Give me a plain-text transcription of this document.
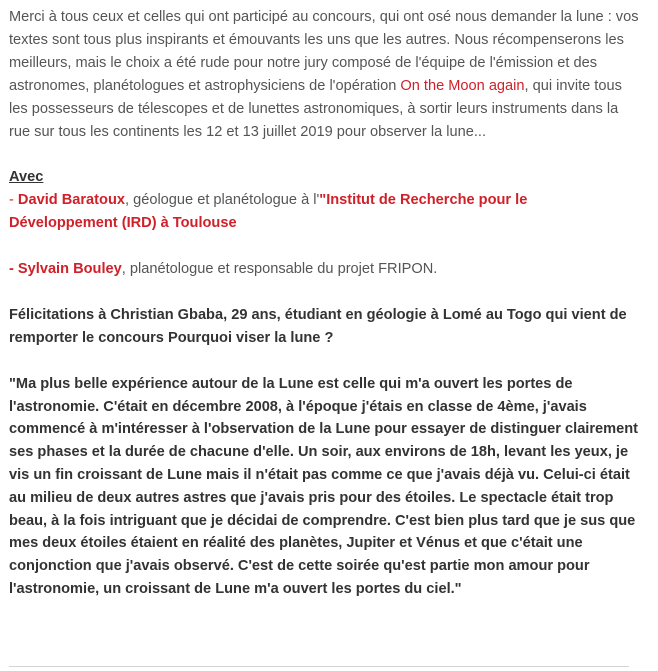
Merci à tous ceux et celles qui ont participé au concours, qui ont osé nous demander la lune : vos textes sont tous plus inspirants et émouvants les uns que les autres. Nous récompenserons les meilleurs, mais le choix a été rude pour notre jury composé de l'équipe de l'émission et des astronomes, planétologues et astrophysiciens de l'opération On the Moon again, qui invite tous les possesseurs de télescopes et de lunettes astronomiques, à sortir leurs instruments dans la rue sur tous les continents les 12 et 13 juillet 2019 pour observer la lune...

Avec

- David Baratoux, géologue et planétologue à l'"Institut de Recherche pour le Développement (IRD) à Toulouse

- Sylvain Bouley, planétologue et responsable du projet FRIPON.

Félicitations à Christian Gbaba, 29 ans, étudiant en géologie à Lomé au Togo qui vient de remporter le concours Pourquoi viser la lune ?

"Ma plus belle expérience autour de la Lune est celle qui m'a ouvert les portes de l'astronomie. C'était en décembre 2008, à l'époque j'étais en classe de 4ème, j'avais commencé à m'intéresser à l'observation de la Lune pour essayer de distinguer clairement ses phases et la durée de chacune d'elle. Un soir, aux environs de 18h, levant les yeux, je vis un fin croissant de Lune mais il n'était pas comme ce que j'avais déjà vu. Celui-ci était au milieu de deux autres astres que j'avais pris pour des étoiles. Le spectacle était trop beau, à la fois intriguant que je décidai de comprendre. C'est bien plus tard que je sus que mes deux étoiles étaient en réalité des planètes, Jupiter et Vénus et que c'était une conjonction que j'avais observé. C'est de cette soirée qu'est partie mon amour pour l'astronomie, un croissant de Lune m'a ouvert les portes du ciel."
